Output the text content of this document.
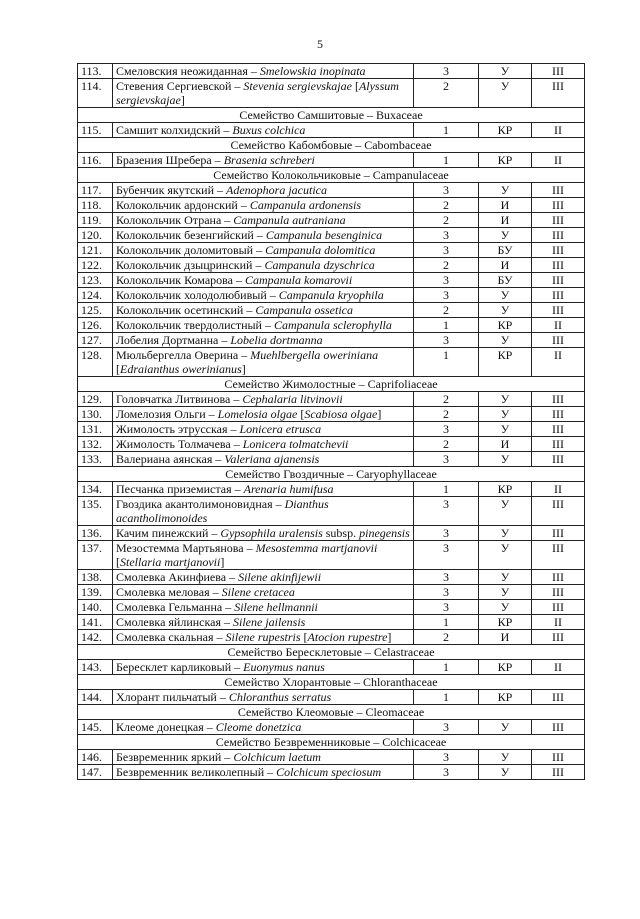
5
113.	Смеловския неожиданная – Smelowskia inopinata	3	У	III
114.	Стевения Сергиевской – Stevenia sergievskajae [Alyssum sergievskajae]	2	У	III
Семейство Самшитовые – Buxaceae				
115.	Самшит колхидский – Buxus colchica	1	КР	II
Семейство Кабомбовые – Cabombaceae				
116.	Бразения Шребера – Brasenia schreberi	1	КР	II
Семейство Колокольчиковые – Campanulaceae				
117.	Бубенчик якутский – Adenophora jacutica	3	У	III
118.	Колокольчик ардонский – Campanula ardonensis	2	И	III
119.	Колокольчик Отрана – Campanula autraniana	2	И	III
120.	Колокольчик безенгийский – Campanula besenginica	3	У	III
121.	Колокольчик доломитовый – Campanula dolomitica	3	БУ	III
122.	Колокольчик дзыцринский – Campanula dzyschrica	2	И	III
123.	Колокольчик Комарова – Campanula komarovii	3	БУ	III
124.	Колокольчик холодолюбивый – Campanula kryophila	3	У	III
125.	Колокольчик осетинский – Campanula ossetica	2	У	III
126.	Колокольчик твердолистный – Campanula sclerophylla	1	КР	II
127.	Лобелия Дортманна – Lobelia dortmanna	3	У	III
128.	Мюльбергелла Оверина – Muehlbergella oweriniana [Edraianthus owerinianus]	1	КР	II
Семейство Жимолостные – Caprifoliaceae				
129.	Головчатка Литвинова – Cephalaria litvinovii	2	У	III
130.	Ломелозия Ольги – Lomelosia olgae [Scabiosa olgae]	2	У	III
131.	Жимолость этрусская – Lonicera etrusca	3	У	III
132.	Жимолость Толмачева – Lonicera tolmatchevii	2	И	III
133.	Валериана аянская – Valeriana ajanensis	3	У	III
Семейство Гвоздичные – Caryophyllaceae				
134.	Песчанка приземистая – Arenaria humifusa	1	КР	II
135.	Гвоздика акантолимоновидная – Dianthus acantholimonoides	3	У	III
136.	Качим пинежский – Gypsophila uralensis subsp. pinegensis	3	У	III
137.	Мезостемма Мартьянова – Mesostemma martjanovii [Stellaria martjanovii]	3	У	III
138.	Смолевка Акинфиева – Silene akinfijewii	3	У	III
139.	Смолевка меловая – Silene cretacea	3	У	III
140.	Смолевка Гельманна – Silene hellmannii	3	У	III
141.	Смолевка яйлинская – Silene jailensis	1	КР	II
142.	Смолевка скальная – Silene rupestris [Atocion rupestre]	2	И	III
Семейство Бересклетовые – Celastraceae				
143.	Бересклет карликовый – Euonymus nanus	1	КР	II
Семейство Хлорантовые – Chloranthaceae				
144.	Хлорант пильчатый – Chloranthus serratus	1	КР	III
Семейство Клеомовые – Cleomaceae				
145.	Клеоме донецкая – Cleome donetzica	3	У	III
Семейство Безвременниковые – Colchicaceae				
146.	Безвременник яркий – Colchicum laetum	3	У	III
147.	Безвременник великолепный – Colchicum speciosum	3	У	III
